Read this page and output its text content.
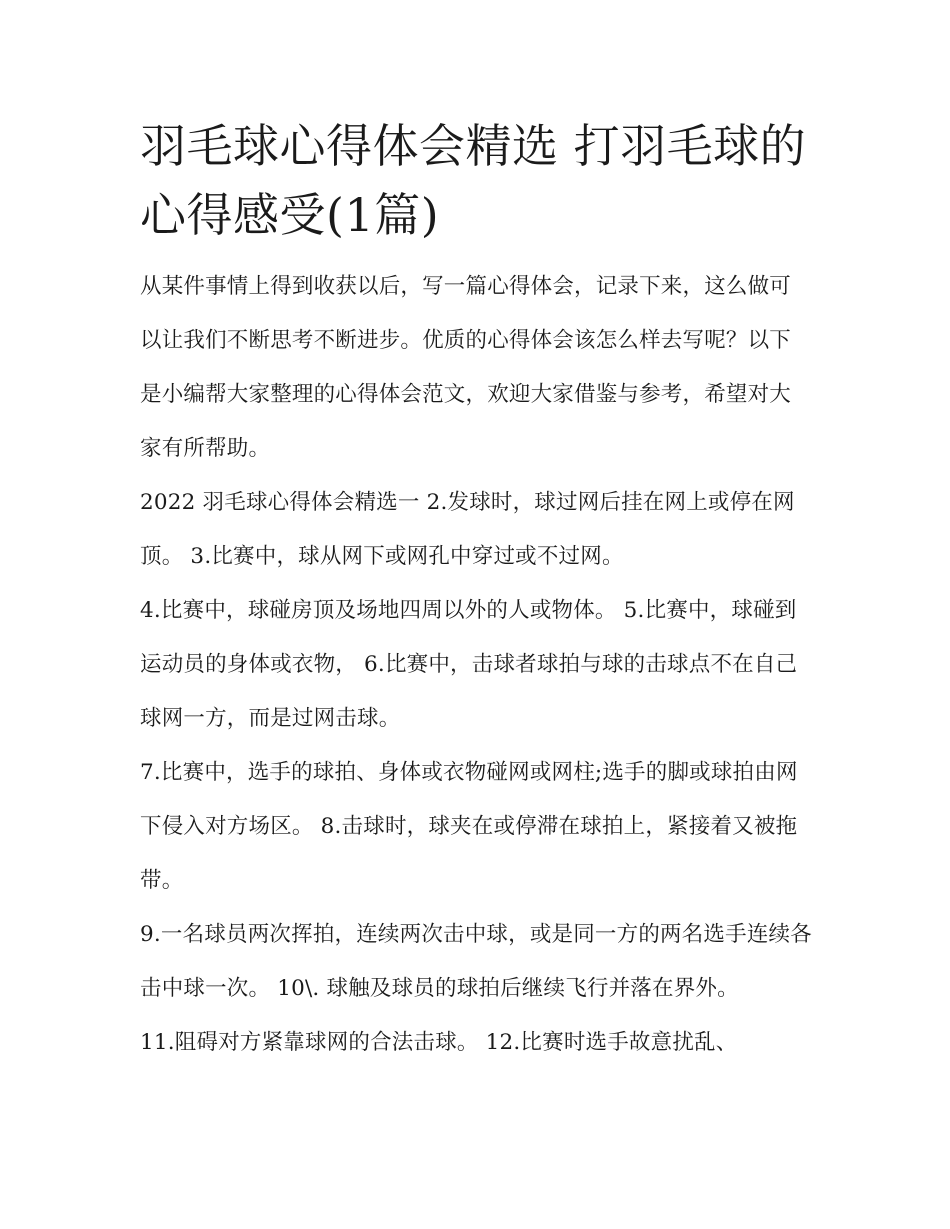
羽毛球心得体会精选 打羽毛球的心得感受(1篇)

从某件事情上得到收获以后，写一篇心得体会，记录下来，这么做可以让我们不断思考不断进步。优质的心得体会该怎么样去写呢？以下是小编帮大家整理的心得体会范文，欢迎大家借鉴与参考，希望对大家有所帮助。

2022 羽毛球心得体会精选一 2.发球时，球过网后挂在网上或停在网顶。 3.比赛中，球从网下或网孔中穿过或不过网。

4.比赛中，球碰房顶及场地四周以外的人或物体。 5.比赛中，球碰到运动员的身体或衣物， 6.比赛中，击球者球拍与球的击球点不在自己球网一方，而是过网击球。

7.比赛中，选手的球拍、身体或衣物碰网或网柱;选手的脚或球拍由网下侵入对方场区。 8.击球时，球夹在或停滞在球拍上，紧接着又被拖带。

9.一名球员两次挥拍，连续两次击中球，或是同一方的两名选手连续各击中球一次。 10\. 球触及球员的球拍后继续飞行并落在界外。

11.阻碍对方紧靠球网的合法击球。 12.比赛时选手故意扰乱、
